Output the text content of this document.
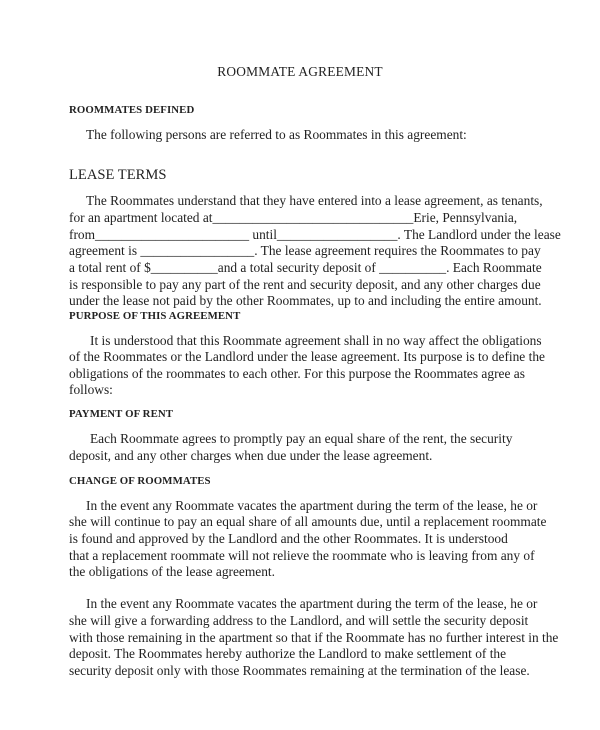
ROOMMATE AGREEMENT
ROOMMATES DEFINED
The following persons are referred to as Roommates in this agreement:
LEASE TERMS
The Roommates understand that they have entered into a lease agreement, as tenants,
for an apartment located at______________________________Erie, Pennsylvania,
from_______________________ until__________________. The Landlord under the lease
agreement is _________________. The lease agreement requires the Roommates to pay
a total rent of $__________and a total security deposit of __________. Each Roommate
is responsible to pay any part of the rent and security deposit, and any other charges due
under the lease not paid by the other Roommates, up to and including the entire amount.
PURPOSE OF THIS AGREEMENT
It is understood that this Roommate agreement shall in no way affect the obligations
of the Roommates or the Landlord under the lease agreement. Its purpose is to define the
obligations of the roommates to each other. For this purpose the Roommates agree as
follows:
PAYMENT OF RENT
Each Roommate agrees to promptly pay an equal share of the rent, the security
deposit, and any other charges when due under the lease agreement.
CHANGE OF ROOMMATES
In the event any Roommate vacates the apartment during the term of the lease, he or
she will continue to pay an equal share of all amounts due, until a replacement roommate
is found and approved by the Landlord and the other Roommates. It is understood
that a replacement roommate will not relieve the roommate who is leaving from any of
the obligations of the lease agreement.
In the event any Roommate vacates the apartment during the term of the lease, he or
she will give a forwarding address to the Landlord, and will settle the security deposit
with those remaining in the apartment so that if the Roommate has no further interest in the
deposit. The Roommates hereby authorize the Landlord to make settlement of the
security deposit only with those Roommates remaining at the termination of the lease.
